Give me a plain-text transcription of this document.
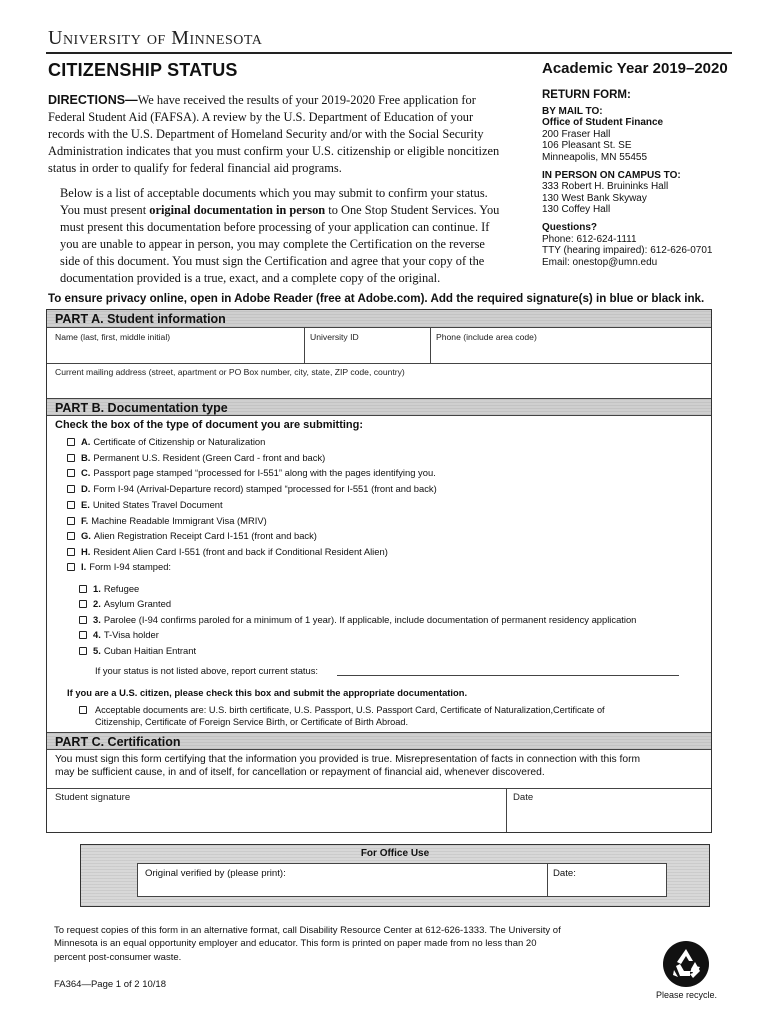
University of Minnesota
CITIZENSHIP STATUS	Academic Year 2019–2020
DIRECTIONS—We have received the results of your 2019-2020 Free application for
Federal Student Aid (FAFSA). A review by the U.S. Department of Education of your
records with the U.S. Department of Homeland Security and/or with the Social Security
Administration indicates that you must confirm your U.S. citizenship or eligible noncitizen
status in order to qualify for federal financial aid programs.
Below is a list of acceptable documents which you may submit to confirm your status.
You must present original documentation in person to One Stop Student Services. You
must present this documentation before processing of your application can continue. If
you are unable to appear in person, you may complete the Certification on the reverse
side of this document. You must sign the Certification and agree that your copy of the
documentation provided is a true, exact, and a complete copy of the original.
RETURN FORM:
BY MAIL TO:
Office of Student Finance
200 Fraser Hall
106 Pleasant St. SE
Minneapolis, MN 55455
IN PERSON ON CAMPUS TO:
333 Robert H. Bruininks Hall
130 West Bank Skyway
130 Coffey Hall
Questions?
Phone: 612-624-1111
TTY (hearing impaired): 612-626-0701
Email: onestop@umn.edu
To ensure privacy online, open in Adobe Reader (free at Adobe.com). Add the required signature(s) in blue or black ink.
PART A. Student information
Name (last, first, middle initial)	University ID	Phone (include area code)
Current mailing address (street, apartment or PO Box number, city, state, ZIP code, country)
PART B. Documentation type
Check the box of the type of document you are submitting:
A. Certificate of Citizenship or Naturalization
B. Permanent U.S. Resident (Green Card - front and back)
C. Passport page stamped “processed for I-551” along with the pages identifying you.
D. Form I-94 (Arrival-Departure record) stamped “processed for I-551 (front and back)
E. United States Travel Document
F. Machine Readable Immigrant Visa (MRIV)
G. Alien Registration Receipt Card I-151 (front and back)
H. Resident Alien Card I-551 (front and back if Conditional Resident Alien)
I. Form I-94 stamped:
1. Refugee
2. Asylum Granted
3. Parolee (I-94 confirms paroled for a minimum of 1 year). If applicable, include documentation of permanent residency application
4. T-Visa holder
5. Cuban Haitian Entrant
If your status is not listed above, report current status:
If you are a U.S. citizen, please check this box and submit the appropriate documentation.
Acceptable documents are: U.S. birth certificate, U.S. Passport, U.S. Passport Card, Certificate of Naturalization,Certificate of
Citizenship, Certificate of Foreign Service Birth, or Certificate of Birth Abroad.
PART C. Certification
You must sign this form certifying that the information you provided is true. Misrepresentation of facts in connection with this form
may be sufficient cause, in and of itself, for cancellation or repayment of financial aid, whenever discovered.
Student signature	Date
For Office Use
Original verified by (please print):	Date:
To request copies of this form in an alternative format, call Disability Resource Center at 612-626-1333. The University of
Minnesota is an equal opportunity employer and educator. This form is printed on paper made from no less than 20
percent post-consumer waste.
FA364—Page 1 of 2 10/18
Please recycle.
